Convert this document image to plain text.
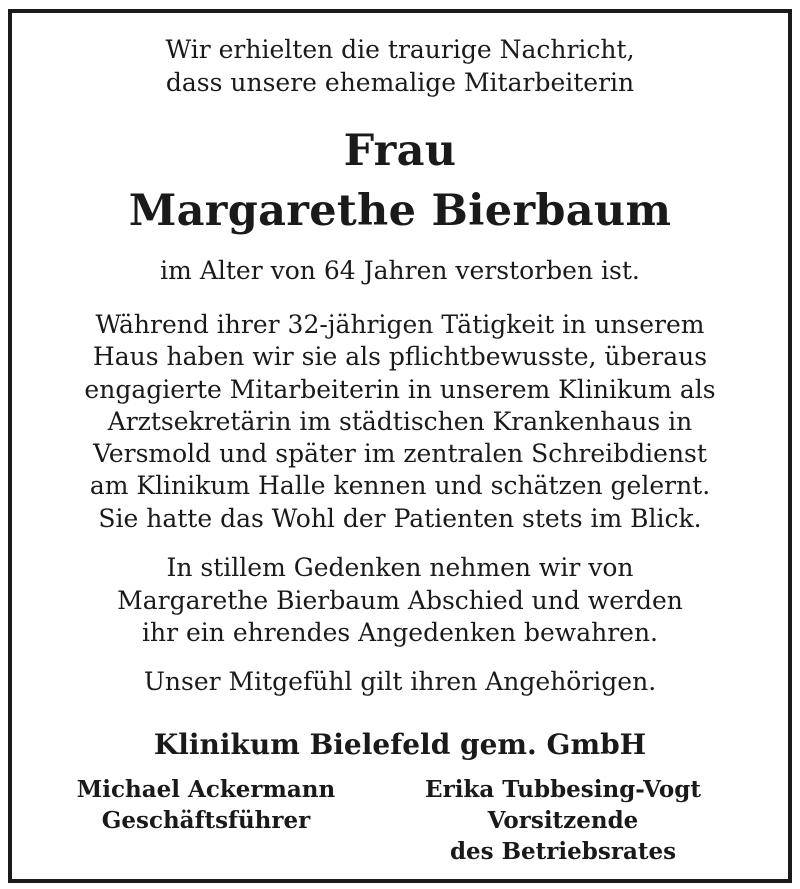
Wir erhielten die traurige Nachricht,
dass unsere ehemalige Mitarbeiterin
Frau
Margarethe Bierbaum
im Alter von 64 Jahren verstorben ist.
Während ihrer 32-jährigen Tätigkeit in unserem
Haus haben wir sie als pflichtbewusste, überaus
engagierte Mitarbeiterin in unserem Klinikum als
Arztsekretärin im städtischen Krankenhaus in
Versmold und später im zentralen Schreibdienst
am Klinikum Halle kennen und schätzen gelernt.
Sie hatte das Wohl der Patienten stets im Blick.
In stillem Gedenken nehmen wir von
Margarethe Bierbaum Abschied und werden
ihr ein ehrendes Angedenken bewahren.
Unser Mitgefühl gilt ihren Angehörigen.
Klinikum Bielefeld gem. GmbH
Michael Ackermann
Geschäftsführer
Erika Tubbesing-Vogt
Vorsitzende
des Betriebsrates
